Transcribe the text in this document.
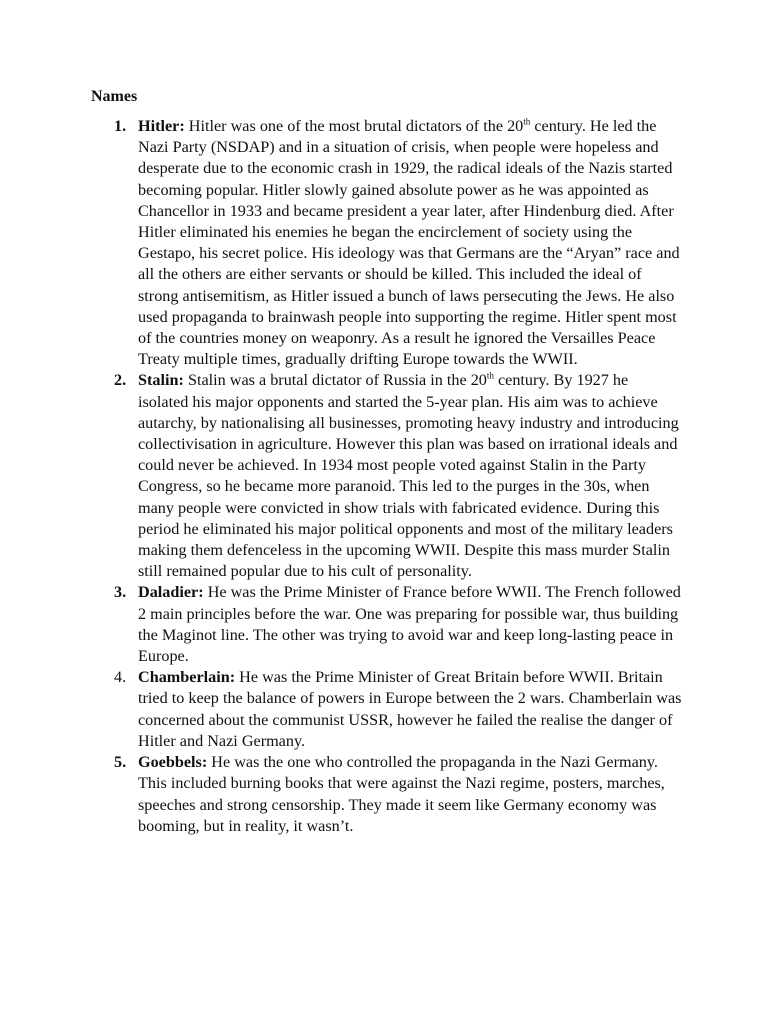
Names
1. Hitler: Hitler was one of the most brutal dictators of the 20th century. He led the Nazi Party (NSDAP) and in a situation of crisis, when people were hopeless and desperate due to the economic crash in 1929, the radical ideals of the Nazis started becoming popular. Hitler slowly gained absolute power as he was appointed as Chancellor in 1933 and became president a year later, after Hindenburg died. After Hitler eliminated his enemies he began the encirclement of society using the Gestapo, his secret police. His ideology was that Germans are the “Aryan” race and all the others are either servants or should be killed. This included the ideal of strong antisemitism, as Hitler issued a bunch of laws persecuting the Jews. He also used propaganda to brainwash people into supporting the regime. Hitler spent most of the countries money on weaponry. As a result he ignored the Versailles Peace Treaty multiple times, gradually drifting Europe towards the WWII.
2. Stalin: Stalin was a brutal dictator of Russia in the 20th century. By 1927 he isolated his major opponents and started the 5-year plan. His aim was to achieve autarchy, by nationalising all businesses, promoting heavy industry and introducing collectivisation in agriculture. However this plan was based on irrational ideals and could never be achieved. In 1934 most people voted against Stalin in the Party Congress, so he became more paranoid. This led to the purges in the 30s, when many people were convicted in show trials with fabricated evidence. During this period he eliminated his major political opponents and most of the military leaders making them defenceless in the upcoming WWII. Despite this mass murder Stalin still remained popular due to his cult of personality.
3. Daladier: He was the Prime Minister of France before WWII. The French followed 2 main principles before the war. One was preparing for possible war, thus building the Maginot line. The other was trying to avoid war and keep long-lasting peace in Europe.
4. Chamberlain: He was the Prime Minister of Great Britain before WWII. Britain tried to keep the balance of powers in Europe between the 2 wars. Chamberlain was concerned about the communist USSR, however he failed the realise the danger of Hitler and Nazi Germany.
5. Goebbels: He was the one who controlled the propaganda in the Nazi Germany. This included burning books that were against the Nazi regime, posters, marches, speeches and strong censorship. They made it seem like Germany economy was booming, but in reality, it wasn’t.
